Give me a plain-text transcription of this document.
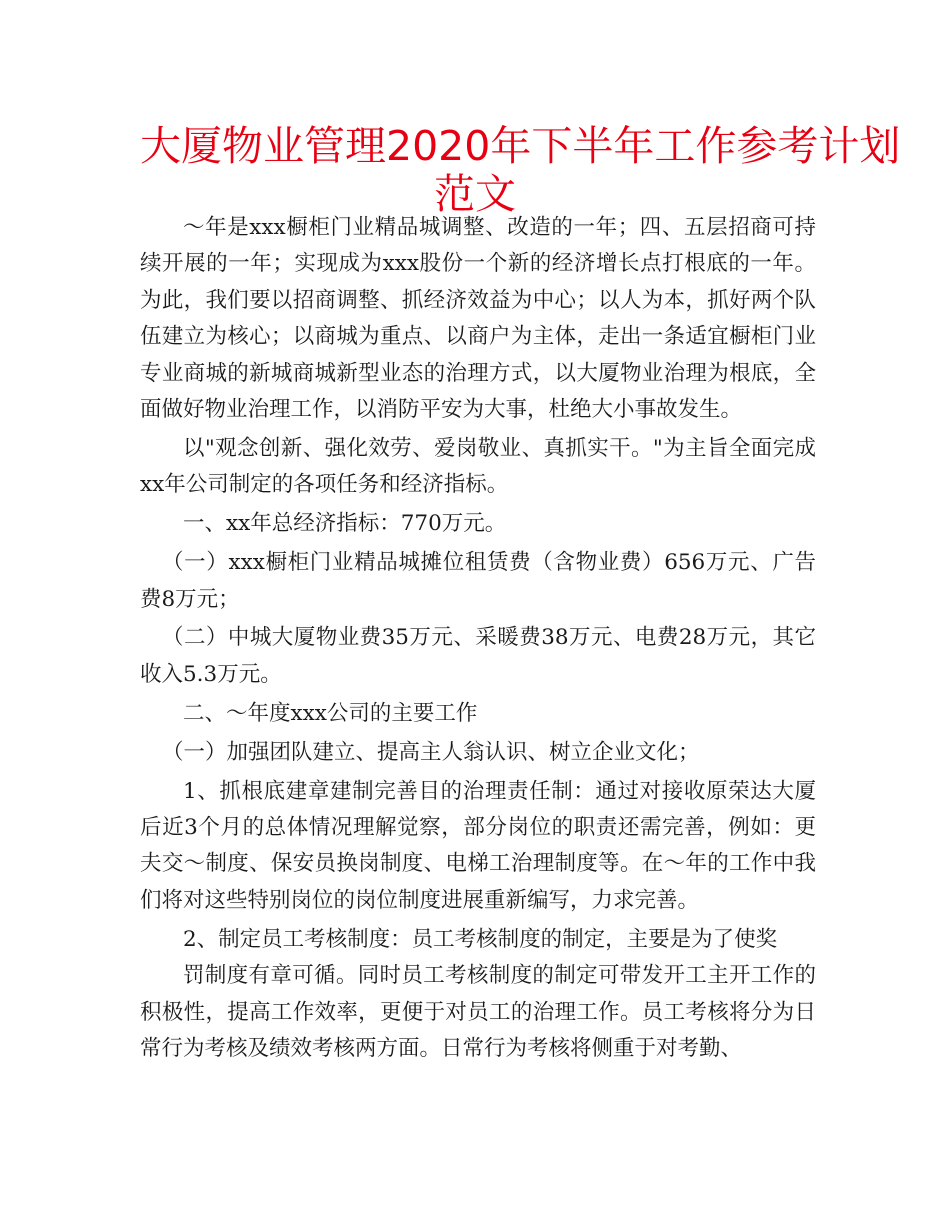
大厦物业管理2020年下半年工作参考计划
范文

～年是xxx橱柜门业精品城调整、改造的一年；四、五层招商可持续开展的一年；实现成为xxx股份一个新的经济增长点打根底的一年。为此，我们要以招商调整、抓经济效益为中心；以人为本，抓好两个队伍建立为核心；以商城为重点、以商户为主体，走出一条适宜橱柜门业专业商城的新城商城新型业态的治理方式，以大厦物业治理为根底，全面做好物业治理工作，以消防平安为大事，杜绝大小事故发生。

以"观念创新、强化效劳、爱岗敬业、真抓实干。"为主旨全面完成xx年公司制定的各项任务和经济指标。

一、xx年总经济指标：770万元。

（一）xxx橱柜门业精品城摊位租赁费（含物业费）656万元、广告费8万元；

（二）中城大厦物业费35万元、采暖费38万元、电费28万元，其它收入5.3万元。

二、～年度xxx公司的主要工作

（一）加强团队建立、提高主人翁认识、树立企业文化；

1、抓根底建章建制完善目的治理责任制：通过对接收原荣达大厦后近3个月的总体情况理解觉察，部分岗位的职责还需完善，例如：更夫交～制度、保安员换岗制度、电梯工治理制度等。在～年的工作中我们将对这些特别岗位的岗位制度进展重新编写，力求完善。

2、制定员工考核制度：员工考核制度的制定，主要是为了使奖

罚制度有章可循。同时员工考核制度的制定可带发开工主开工作的积极性，提高工作效率，更便于对员工的治理工作。员工考核将分为日常行为考核及绩效考核两方面。日常行为考核将侧重于对考勤、
